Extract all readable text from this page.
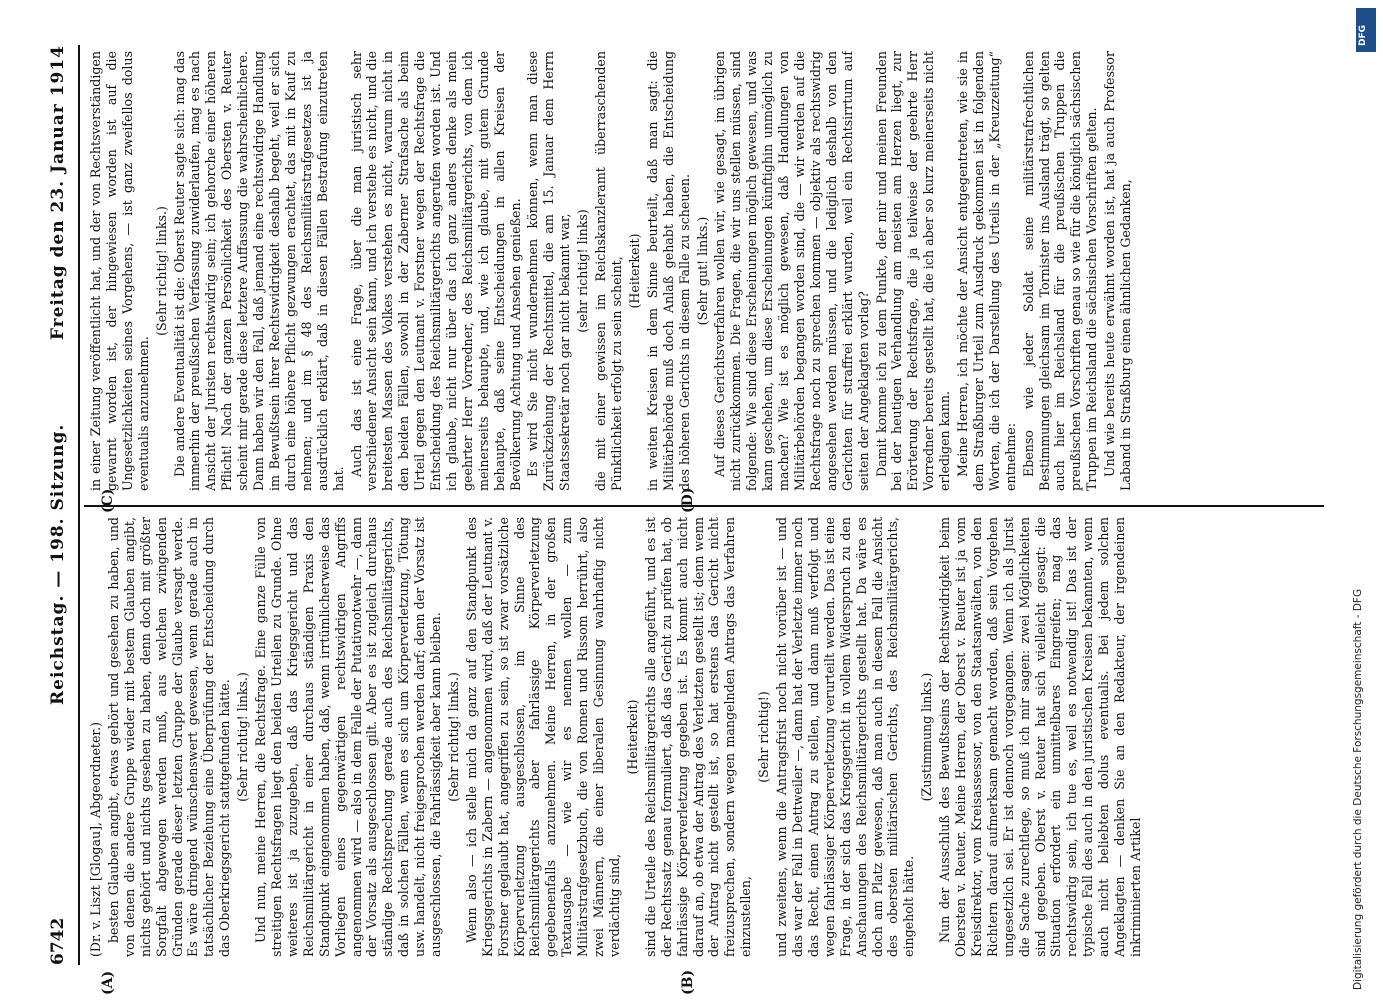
6742
Reichstag. — 198. Sitzung.
Freitag den 23. Januar 1914
(A)	(B)
(C)	(D)

(Dr. v. Liszt [Glogau], Abgeordneter.) besten Glauben angibt, etwas gehört und gesehen zu haben, und von denen die andere Gruppe wieder mit bestem Glauben angibt, nichts gehört und nichts gesehen zu haben, denn doch mit größter Sorgfalt abgewogen werden muß, aus welchen zwingenden Gründen gerade dieser letzten Gruppe der Glaube versagt werde. Es wäre dringend wünschenswert gewesen, wenn gerade auch in tatsächlicher Beziehung eine Überprüfung der Entscheidung durch das Oberkriegsgericht stattgefunden hätte. (Sehr richtig! links.) Und nun, meine Herren, die Rechtsfrage. Eine ganze Fülle von streitigen Rechtsfragen liegt den beiden Urteilen zu Grunde. Ohne weiteres ist ja zuzugeben, daß das Kriegsgericht und das Reichsmilitärgericht in einer durchaus ständigen Praxis den Standpunkt eingenommen haben, daß, wenn irrtümlicherweise das Vorliegen eines gegenwärtigen rechtswidrigen Angriffs angenommen wird — also in dem Falle der Putativnotwehr —, dann der Vorsatz als ausgeschlossen gilt. Aber es ist zugleich durchaus ständige Rechtsprechung gerade auch des Reichsmilitärgerichts, daß in solchen Fällen, wenn es sich um Körperverletzung, Tötung usw. handelt, nicht freigesprochen werden darf; denn der Vorsatz ist ausgeschlossen, die Fahrlässigkeit aber kann bleiben. (Sehr richtig! links.) Wenn also — ich stelle mich da ganz auf den Standpunkt des Kriegsgerichts in Zabern — angenommen wird, daß der Leutnant v. Forstner geglaubt hat, angegriffen zu sein, so ist zwar vorsätzliche Körperverletzung ausgeschlossen, im Sinne des Reichsmilitärgerichts aber fahrlässige Körperverletzung gegebenenfalls anzunehmen. Meine Herren, in der großen Textausgabe — wie wir es nennen wollen — zum Militärstrafgesetzbuch, die von Romen und Rissom herrührt, also zwei Männern, die einer liberalen Gesinnung wahrhaftig nicht verdächtig sind,

(Heiterkeit) sind die Urteile des Reichsmilitärgerichts alle angeführt, und es ist der Rechtssatz genau formuliert, daß das Gericht zu prüfen hat, ob fahrlässige Körperverletzung gegeben ist. Es kommt auch nicht darauf an, ob etwa der Antrag des Verletzten gestellt ist; denn wenn der Antrag nicht gestellt ist, so hat erstens das Gericht nicht freizusprechen, sondern wegen mangelnden Antrags das Verfahren einzustellen,

(Sehr richtig!) und zweitens, wenn die Antragsfrist noch nicht vorüber ist — und das war der Fall in Dettweiler —, dann hat der Verletzte immer noch das Recht, einen Antrag zu stellen, und dann muß verfolgt und wegen fahrlässiger Körperverletzung verurteilt werden. Das ist eine Frage, in der sich das Kriegsgericht in vollem Widerspruch zu den Anschauungen des Reichsmilitärgerichts gestellt hat. Da wäre es doch am Platz gewesen, daß man auch in diesem Fall die Ansicht des obersten militärischen Gerichts, des Reichsmilitärgerichts, eingeholt hätte.

(Zustimmung links.) Nun der Ausschluß des Bewußtseins der Rechtswidrigkeit beim Obersten v. Reuter. Meine Herren, der Oberst v. Reuter ist ja vom Kreisdirektor, vom Kreisassessor, von den Staatsanwälten, von den Richtern darauf aufmerksam gemacht worden, daß sein Vorgehen ungesetzlich sei. Er ist dennoch vorgegangen. Wenn ich als Jurist die Sache zurechtlege, so muß ich mir sagen: zwei Möglichkeiten sind gegeben. Oberst v. Reuter hat sich vielleicht gesagt: die Situation erfordert ein unmittelbares Eingreifen; mag das rechtswidrig sein, ich tue es, weil es notwendig ist! Das ist der typische Fall des auch in den juristischen Kreisen bekannten, wenn auch nicht beliebten dolus eventualis. Bei jedem solchen Angeklagten — denken Sie an den Redakteur, der irgendeinen inkriminierten Artikel

in einer Zeitung veröffentlicht hat, und der von Rechtsverständigen gewarnt worden ist, der hingewiesen worden ist auf die Ungesetzlichkeiten seines Vorgehens, — ist ganz zweifellos dolus eventualis anzunehmen.

(Sehr richtig! links.) Die andere Eventualität ist die: Oberst Reuter sagte sich: mag das immerhin der preußischen Verfassung zuwiderlaufen, mag es nach Ansicht der Juristen rechtswidrig sein; ich gehorche einer höheren Pflicht! Nach der ganzen Persönlichkeit des Obersten v. Reuter scheint mir gerade diese letztere Auffassung die wahrscheinlichere. Dann haben wir den Fall, daß jemand eine rechtswidrige Handlung im Bewußtsein ihrer Rechtswidrigkeit deshalb begeht, weil er sich durch eine höhere Pflicht gezwungen erachtet, das mit in Kauf zu nehmen; und im § 48 des Reichsmilitärstrafgesetzes ist ja ausdrücklich erklärt, daß in diesen Fällen Bestrafung einzutreten hat.

Auch das ist eine Frage, über die man juristisch sehr verschiedener Ansicht sein kann, und ich verstehe es nicht, und die breitesten Massen des Volkes verstehen es nicht, warum nicht in den beiden Fällen, sowohl in der Zaberner Strafsache als beim Urteil gegen den Leutnant v. Forstner wegen der Rechtsfrage die Entscheidung des Reichsmilitärgerichts angerufen worden ist. Und ich glaube, nicht nur über das ich ganz anders denke als mein geehrter Herr Vorredner, des Reichsmilitärgerichts, von dem ich meinerseits behaupte, und, wie ich glaube, mit gutem Grunde behaupte, daß seine Entscheidungen in allen Kreisen der Bevölkerung Achtung und Ansehen genießen. Es wird Sie nicht wundernehmen können, wenn man diese Zurückziehung der Rechtsmittel, die am 15. Januar dem Herrn Staatssekretär noch gar nicht bekannt war, (sehr richtig! links) die mit einer gewissen im Reichskanzleramt überraschenden Pünktlichkeit erfolgt zu sein scheint, (Heiterkeit) in weiten Kreisen in dem Sinne beurteilt, daß man sagt: die Militärbehörde muß doch Anlaß gehabt haben, die Entscheidung des höheren Gerichts in diesem Falle zu scheuen. (Sehr gut! links.) Auf dieses Gerichtsverfahren wollen wir, wie gesagt, im übrigen nicht zurückkommen. Die Fragen, die wir uns stellen müssen, sind folgende: Wie sind diese Erscheinungen möglich gewesen, und was kann geschehen, um diese Erscheinungen künftighin unmöglich zu machen? Wie ist es möglich gewesen, daß Handlungen von Militärbehörden begangen worden sind, die — wir werden auf die Rechtsfrage noch zu sprechen kommen — objektiv als rechtswidrig angesehen werden müssen, und die lediglich deshalb von den Gerichten für straffrei erklärt wurden, weil ein Rechtsirrtum auf seiten der Angeklagten vorlag? Damit komme ich zu dem Punkte, der mir und meinen Freunden bei der heutigen Verhandlung am meisten am Herzen liegt, zur Erörterung der Rechtsfrage, die ja teilweise der geehrte Herr Vorredner bereits gestellt hat, die ich aber so kurz meinerseits nicht erledigen kann. Meine Herren, ich möchte der Ansicht entgegentreten, wie sie in dem Straßburger Urteil zum Ausdruck gekommen ist in folgenden Worten, die ich der Darstellung des Urteils in der „Kreuzzeitung“ entnehme: Ebenso wie jeder Soldat seine militärstrafrechtlichen Bestimmungen gleichsam im Tornister ins Ausland trägt, so gelten auch hier im Reichsland für die preußischen Truppen die preußischen Vorschriften genau so wie für die königlich sächsischen Truppen im Reichsland die sächsischen Vorschriften gelten. Und wie bereits heute erwähnt worden ist, hat ja auch Professor Laband in Straßburg einen ähnlichen Gedanken,

DFG
Digitalisierung gefördert durch die Deutsche Forschungsgemeinschaft - DFG
